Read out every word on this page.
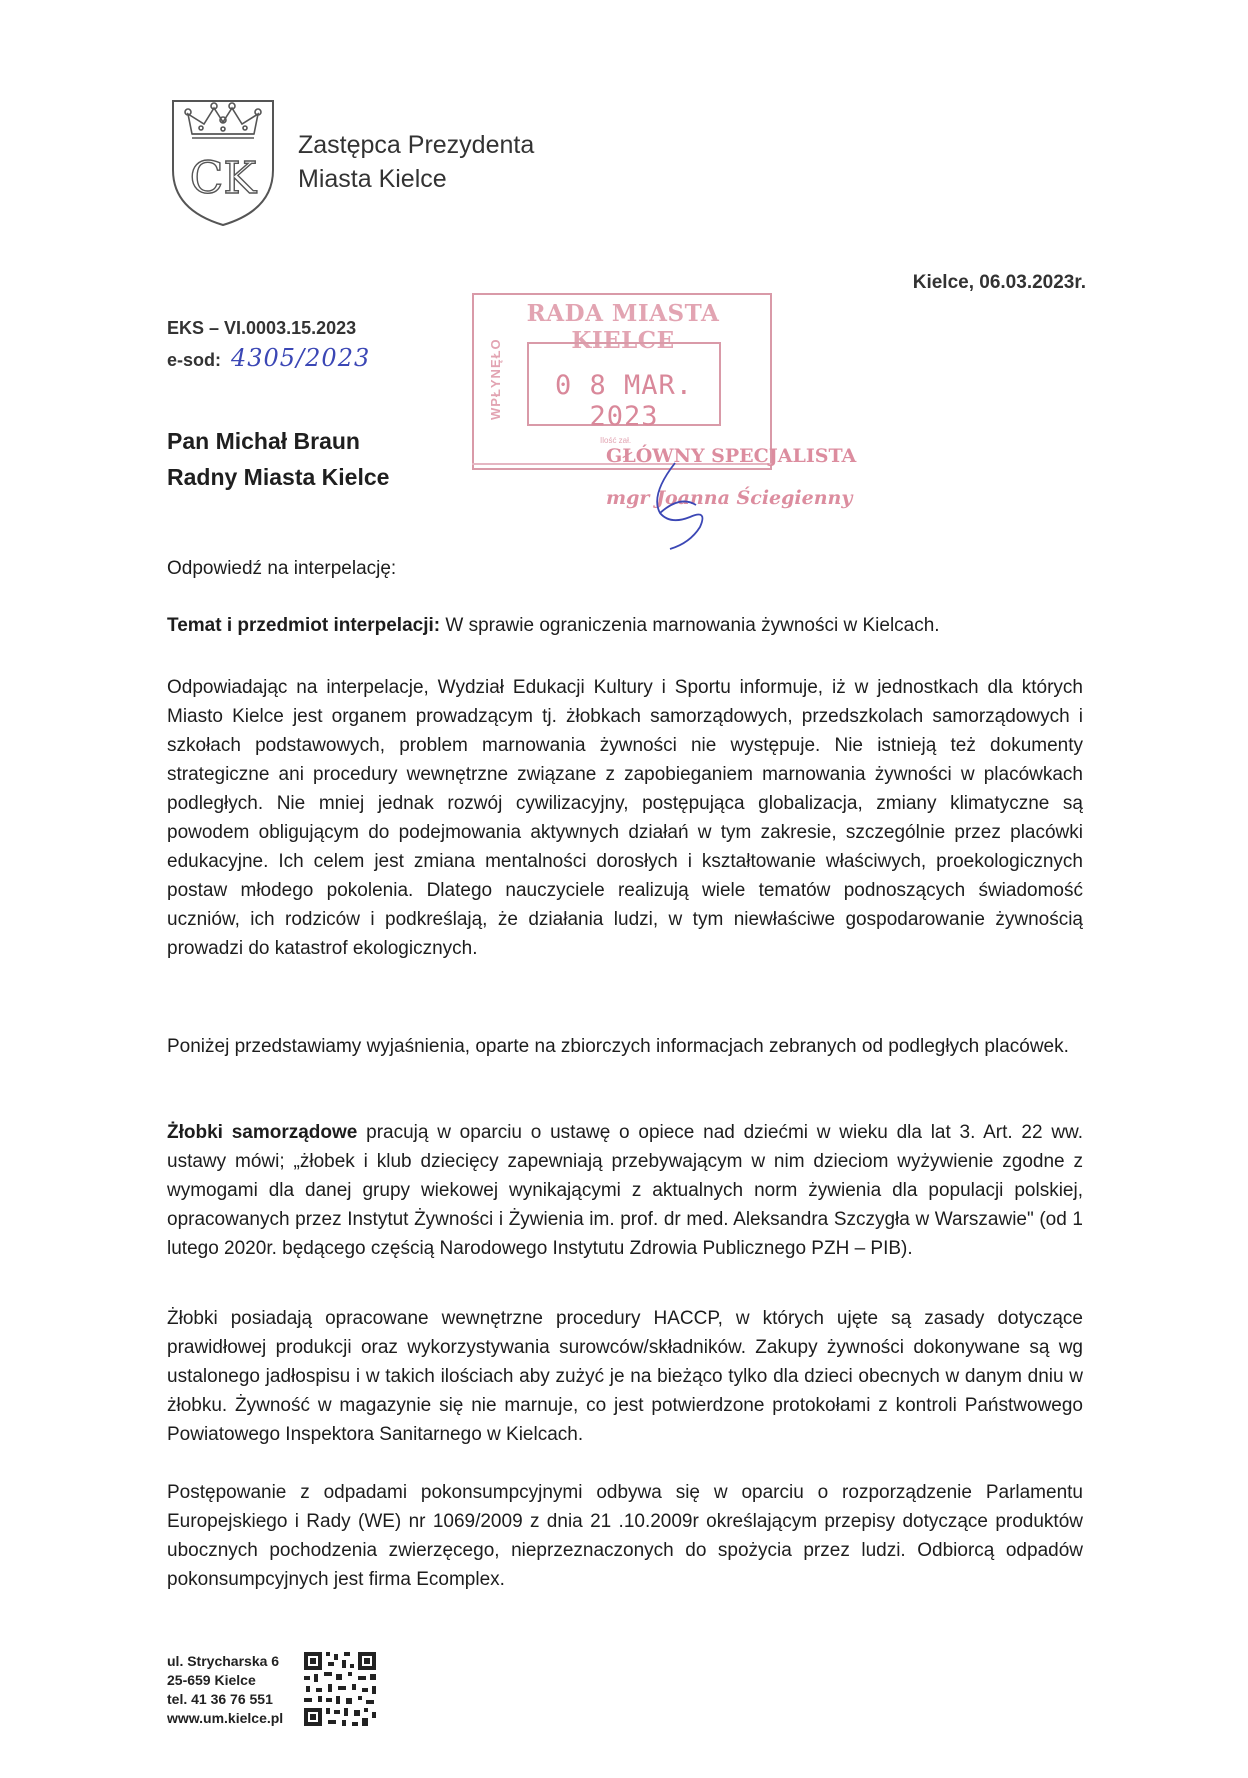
CK
Zastępca Prezydenta
Miasta Kielce
Kielce, 06.03.2023r.
EKS – VI.0003.15.2023
e-sod: 4305/2023
Pan Michał Braun
Radny Miasta Kielce
RADA MIASTA KIELCE
WPŁYNĘŁO	0 8 MAR. 2023
Ilość zał.
GŁÓWNY SPECJALISTA
mgr Joanna Ściegienny
Odpowiedź na interpelację:
Temat i przedmiot interpelacji: W sprawie ograniczenia marnowania żywności w Kielcach.
Odpowiadając na interpelacje, Wydział Edukacji Kultury i Sportu informuje, iż w jednostkach dla których Miasto Kielce jest organem prowadzącym tj. żłobkach samorządowych, przedszkolach samorządowych i szkołach podstawowych, problem marnowania żywności nie występuje. Nie istnieją też dokumenty strategiczne ani procedury wewnętrzne związane z zapobieganiem marnowania żywności w placówkach podległych. Nie mniej jednak rozwój cywilizacyjny, postępująca globalizacja, zmiany klimatyczne są powodem obligującym do podejmowania aktywnych działań w tym zakresie, szczególnie przez placówki edukacyjne. Ich celem jest zmiana mentalności dorosłych i kształtowanie właściwych, proekologicznych postaw młodego pokolenia. Dlatego nauczyciele realizują wiele tematów podnoszących świadomość uczniów, ich rodziców i podkreślają, że działania ludzi, w tym niewłaściwe gospodarowanie żywnością prowadzi do katastrof ekologicznych.
Poniżej przedstawiamy wyjaśnienia, oparte na zbiorczych informacjach zebranych od podległych placówek.
Żłobki samorządowe pracują w oparciu o ustawę o opiece nad dziećmi w wieku dla lat 3. Art. 22 ww. ustawy mówi; „żłobek i klub dziecięcy zapewniają przebywającym w nim dzieciom wyżywienie zgodne z wymogami dla danej grupy wiekowej wynikającymi z aktualnych norm żywienia dla populacji polskiej, opracowanych przez Instytut Żywności i Żywienia im. prof. dr med. Aleksandra Szczygła w Warszawie" (od 1 lutego 2020r. będącego częścią Narodowego Instytutu Zdrowia Publicznego PZH – PIB).
Żłobki posiadają opracowane wewnętrzne procedury HACCP, w których ujęte są zasady dotyczące prawidłowej produkcji oraz wykorzystywania surowców/składników. Zakupy żywności dokonywane są wg ustalonego jadłospisu i w takich ilościach aby zużyć je na bieżąco tylko dla dzieci obecnych w danym dniu w żłobku. Żywność w magazynie się nie marnuje, co jest potwierdzone protokołami z kontroli Państwowego Powiatowego Inspektora Sanitarnego w Kielcach.
Postępowanie z odpadami pokonsumpcyjnymi odbywa się w oparciu o rozporządzenie Parlamentu Europejskiego i Rady (WE) nr 1069/2009 z dnia 21 .10.2009r określającym przepisy dotyczące produktów ubocznych pochodzenia zwierzęcego, nieprzeznaczonych do spożycia przez ludzi. Odbiorcą odpadów pokonsumpcyjnych jest firma Ecomplex.
ul. Strycharska 6
25-659 Kielce
tel. 41 36 76 551
www.um.kielce.pl
